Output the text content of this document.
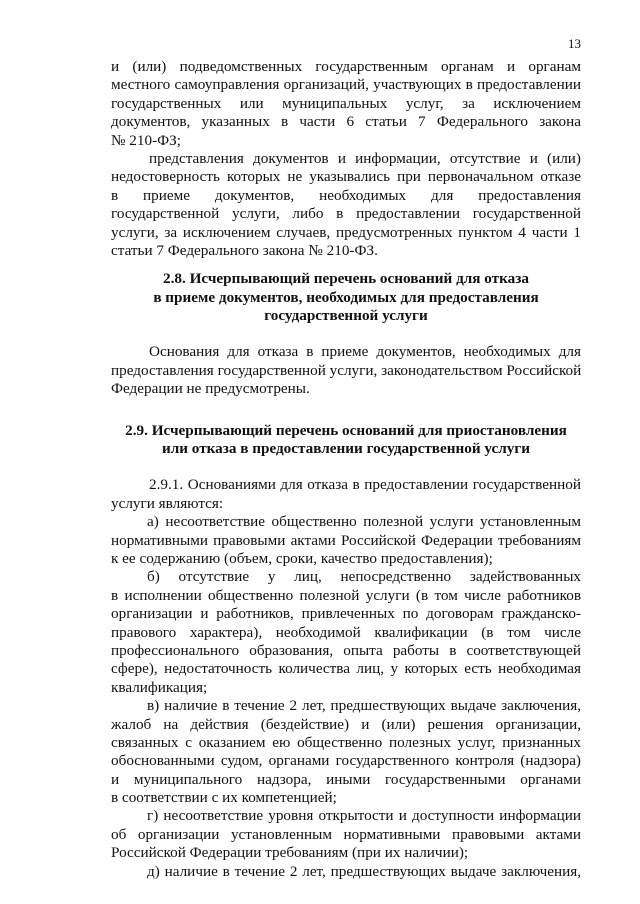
13
и (или) подведомственных государственным органам и органам
местного самоуправления организаций, участвующих в предоставлении
государственных или муниципальных услуг, за исключением
документов, указанных в части 6 статьи 7 Федерального закона
№ 210-ФЗ;
представления документов и информации, отсутствие и (или)
недостоверность которых не указывались при первоначальном отказе
в приеме документов, необходимых для предоставления
государственной услуги, либо в предоставлении государственной
услуги, за исключением случаев, предусмотренных пунктом 4 части 1
статьи 7 Федерального закона № 210-ФЗ.
2.8. Исчерпывающий перечень оснований для отказа
в приеме документов, необходимых для предоставления
государственной услуги
Основания для отказа в приеме документов, необходимых для
предоставления государственной услуги, законодательством Российской
Федерации не предусмотрены.
2.9. Исчерпывающий перечень оснований для приостановления
или отказа в предоставлении государственной услуги
2.9.1. Основаниями для отказа в предоставлении государственной
услуги являются:
а) несоответствие общественно полезной услуги установленным
нормативными правовыми актами Российской Федерации требованиям
к ее содержанию (объем, сроки, качество предоставления);
б) отсутствие у лиц, непосредственно задействованных
в исполнении общественно полезной услуги (в том числе работников
организации и работников, привлеченных по договорам гражданско-
правового характера), необходимой квалификации (в том числе
профессионального образования, опыта работы в соответствующей
сфере), недостаточность количества лиц, у которых есть необходимая
квалификация;
в) наличие в течение 2 лет, предшествующих выдаче заключения,
жалоб на действия (бездействие) и (или) решения организации,
связанных с оказанием ею общественно полезных услуг, признанных
обоснованными судом, органами государственного контроля (надзора)
и муниципального надзора, иными государственными органами
в соответствии с их компетенцией;
г) несоответствие уровня открытости и доступности информации
об организации установленным нормативными правовыми актами
Российской Федерации требованиям (при их наличии);
д) наличие в течение 2 лет, предшествующих выдаче заключения,
